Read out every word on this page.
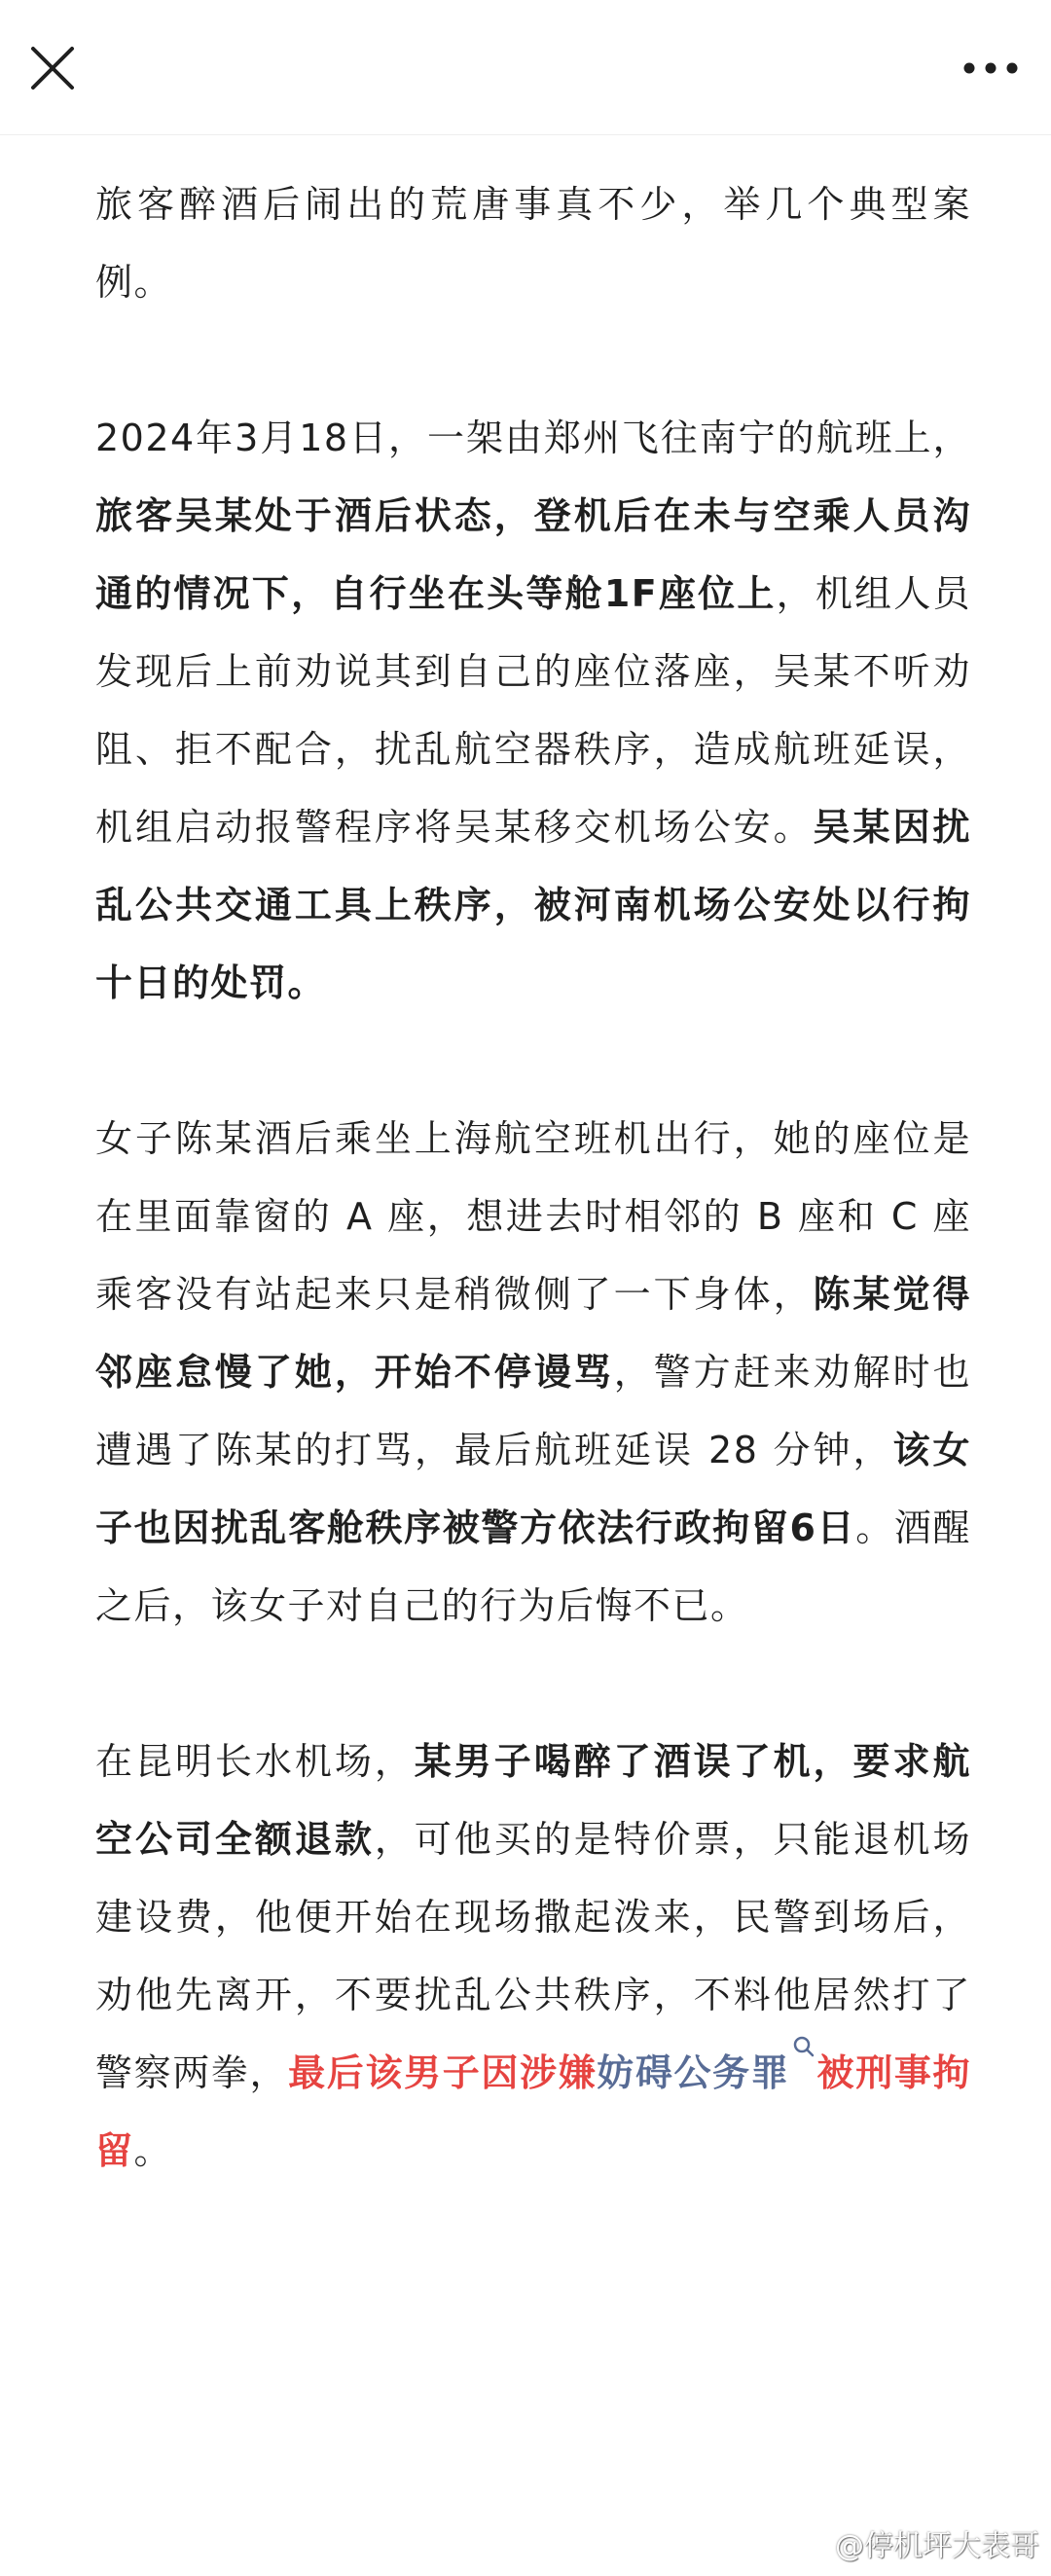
旅客醉酒后闹出的荒唐事真不少，举几个典型案例。

2024年3月18日，一架由郑州飞往南宁的航班上，旅客吴某处于酒后状态，登机后在未与空乘人员沟通的情况下，自行坐在头等舱1F座位上，机组人员发现后上前劝说其到自己的座位落座，吴某不听劝阻、拒不配合，扰乱航空器秩序，造成航班延误，机组启动报警程序将吴某移交机场公安。吴某因扰乱公共交通工具上秩序，被河南机场公安处以行拘十日的处罚。

女子陈某酒后乘坐上海航空班机出行，她的座位是在里面靠窗的 A 座，想进去时相邻的 B 座和 C 座乘客没有站起来只是稍微侧了一下身体，陈某觉得邻座怠慢了她，开始不停谩骂，警方赶来劝解时也遭遇了陈某的打骂，最后航班延误 28 分钟，该女子也因扰乱客舱秩序被警方依法行政拘留6日。酒醒之后，该女子对自己的行为后悔不已。

在昆明长水机场，某男子喝醉了酒误了机，要求航空公司全额退款，可他买的是特价票，只能退机场建设费，他便开始在现场撒起泼来，民警到场后，劝他先离开，不要扰乱公共秩序，不料他居然打了警察两拳，最后该男子因涉嫌妨碍公务罪 被刑事拘留。

@停机坪大表哥
